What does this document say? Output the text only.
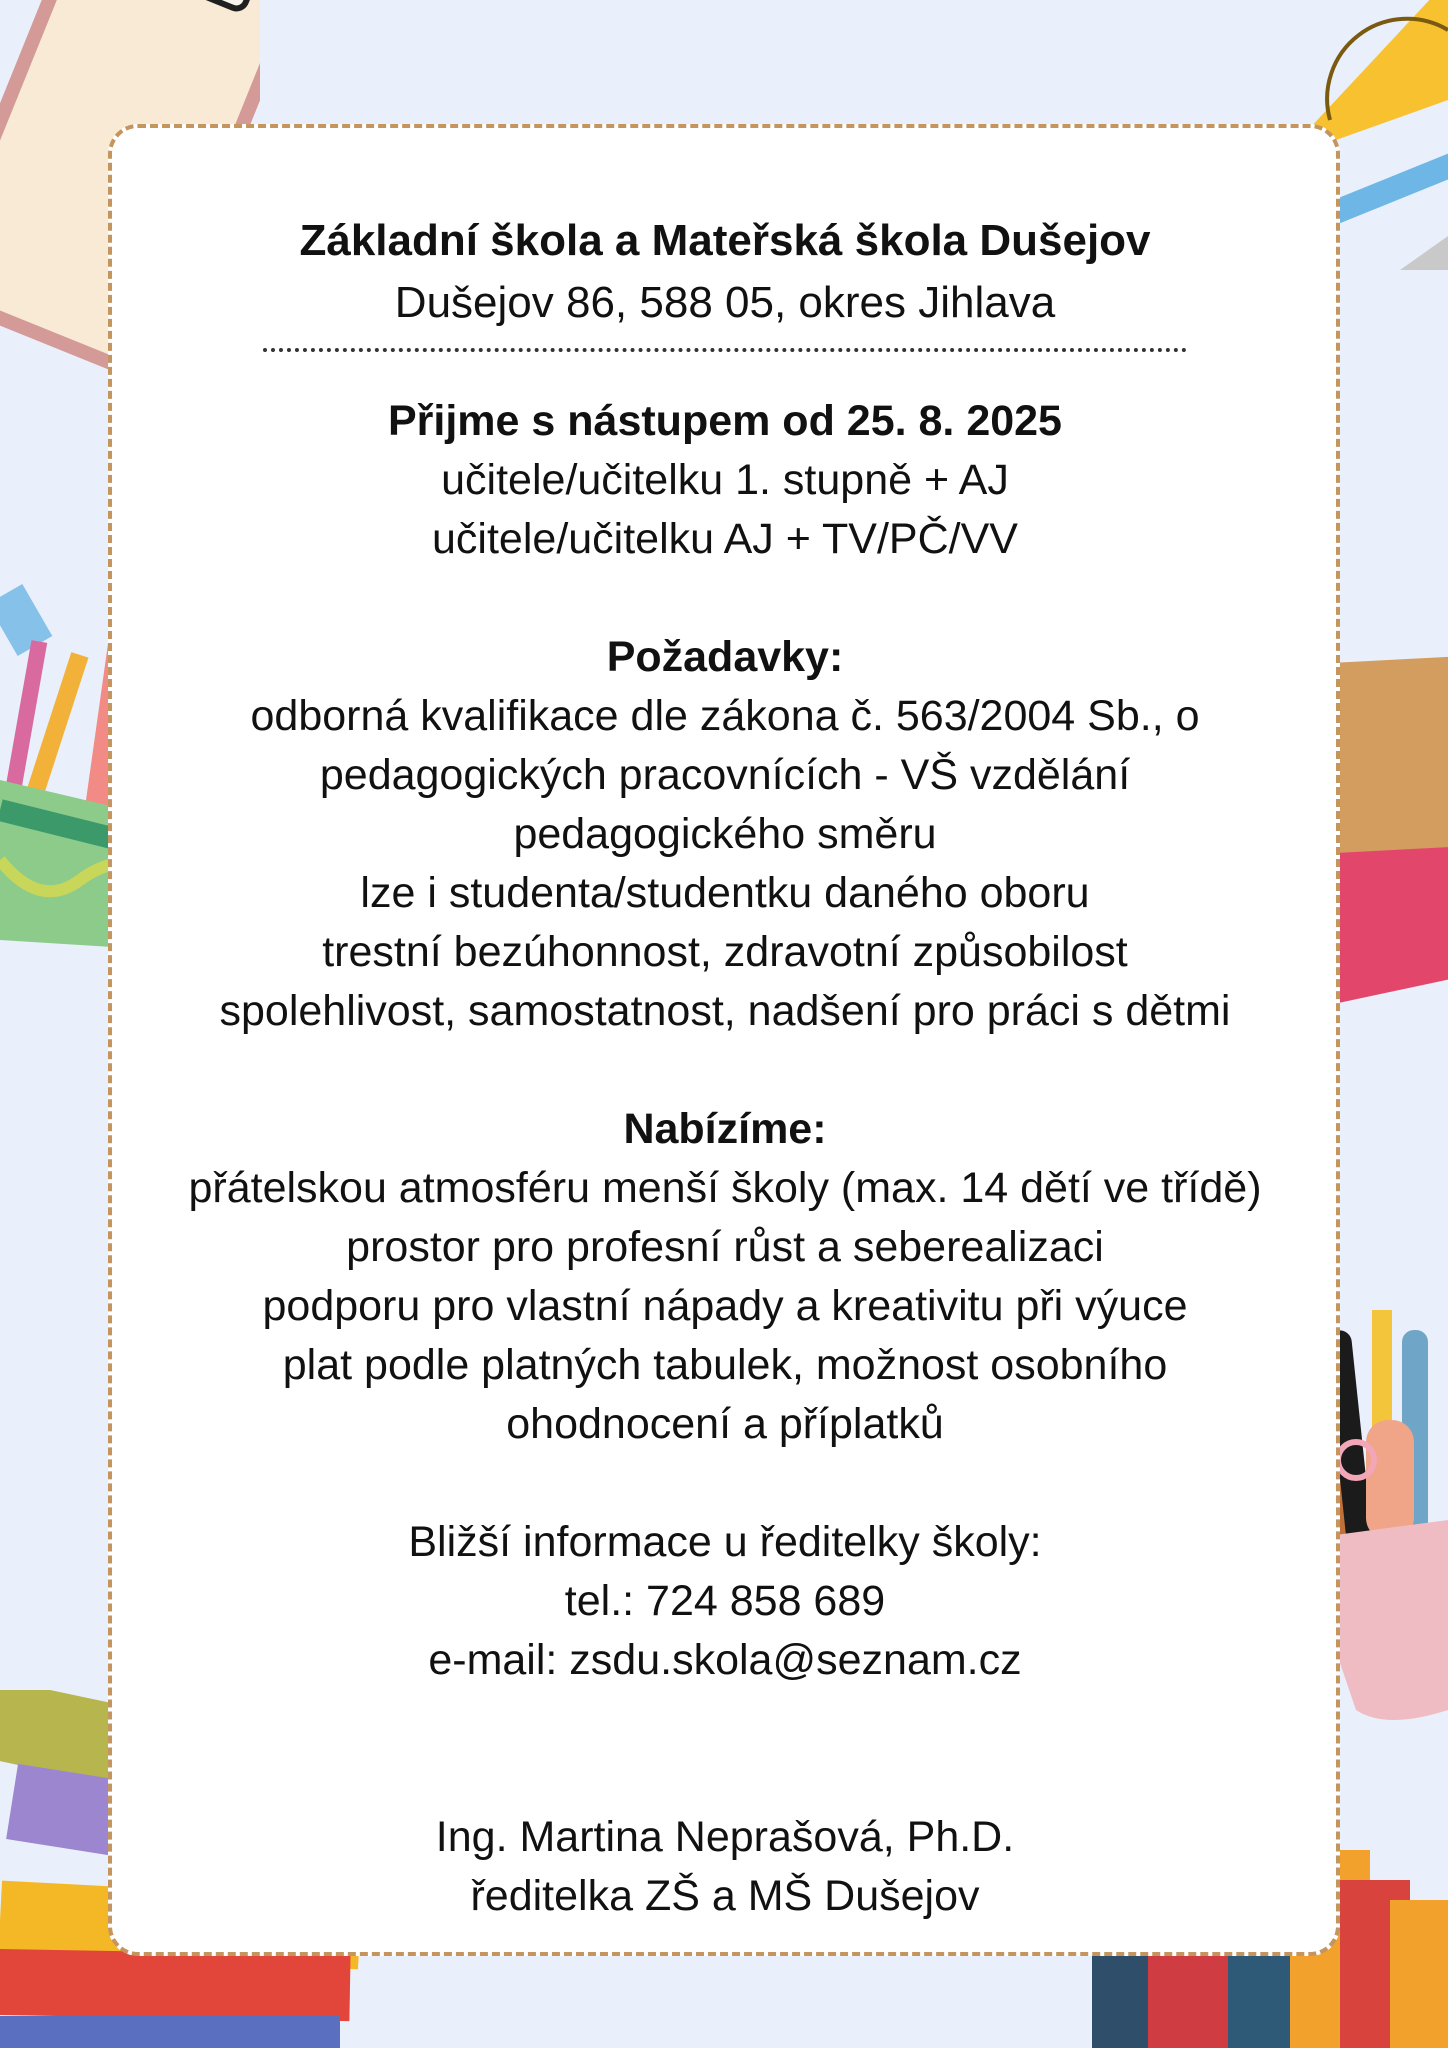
Základní škola a Mateřská škola Dušejov

Dušejov 86, 588 05, okres Jihlava

Přijme s nástupem od 25. 8. 2025

učitele/učitelku 1. stupně + AJ

učitele/učitelku AJ + TV/PČ/VV

Požadavky:

odborná kvalifikace dle zákona č. 563/2004 Sb., o

pedagogických pracovnících - VŠ vzdělání

pedagogického směru

lze i studenta/studentku daného oboru

trestní bezúhonnost, zdravotní způsobilost

spolehlivost, samostatnost, nadšení pro práci s dětmi

Nabízíme:

přátelskou atmosféru menší školy (max. 14 dětí ve třídě)

prostor pro profesní růst a seberealizaci

podporu pro vlastní nápady a kreativitu při výuce

plat podle platných tabulek, možnost osobního

ohodnocení a příplatků

Bližší informace u ředitelky školy:

tel.: 724 858 689

e-mail: zsdu.skola@seznam.cz

Ing. Martina Neprašová, Ph.D.

ředitelka ZŠ a MŠ Dušejov
